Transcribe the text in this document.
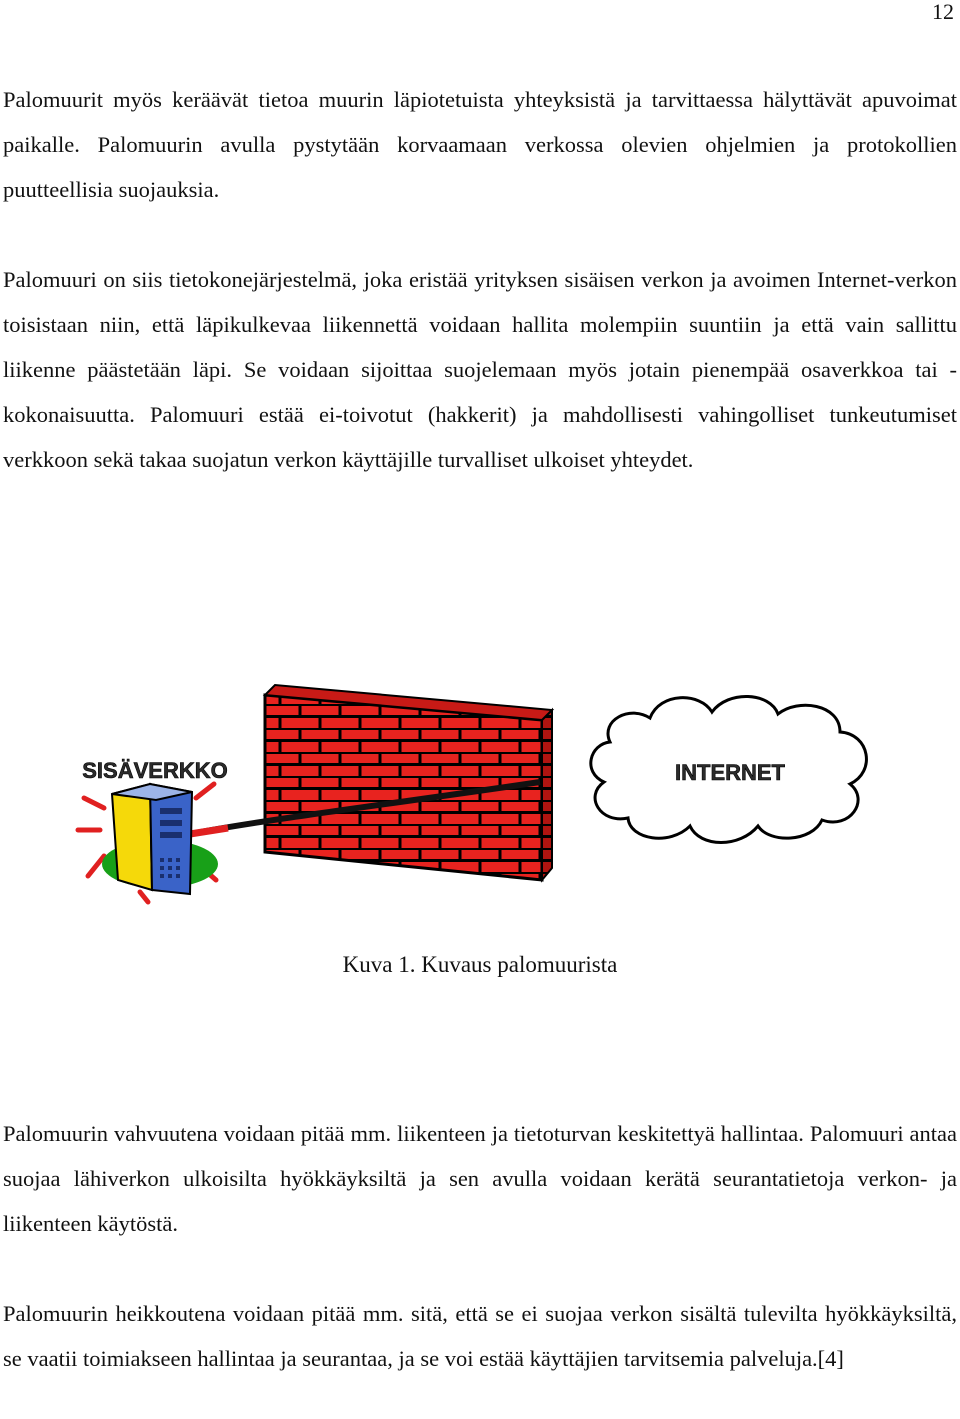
12

Palomuurit myös keräävät tietoa muurin läpiotetuista yhteyksistä ja tarvittaessa hälyttävät apuvoimat paikalle. Palomuurin avulla pystytään korvaamaan verkossa olevien ohjelmien ja protokollien puutteellisia suojauksia.

Palomuuri on siis tietokonejärjestelmä, joka eristää yrityksen sisäisen verkon ja avoimen Internet-verkon toisistaan niin, että läpikulkevaa liikennettä voidaan hallita molempiin suuntiin ja että vain sallittu liikenne päästetään läpi. Se voidaan sijoittaa suojelemaan myös jotain pienempää osaverkkoa tai -kokonaisuutta. Palomuuri estää ei-toivotut (hakkerit) ja mahdollisesti vahingolliset tunkeutumiset verkkoon sekä takaa suojatun verkon käyttäjille turvalliset ulkoiset yhteydet.

INTERNET
SISÄVERKKO
Kuva 1. Kuvaus palomuurista

Palomuurin vahvuutena voidaan pitää mm. liikenteen ja tietoturvan keskitettyä hallintaa. Palomuuri antaa suojaa lähiverkon ulkoisilta hyökkäyksiltä ja sen avulla voidaan kerätä seurantatietoja verkon- ja liikenteen käytöstä.

Palomuurin heikkoutena voidaan pitää mm. sitä, että se ei suojaa verkon sisältä tulevilta hyökkäyksiltä, se vaatii toimiakseen hallintaa ja seurantaa, ja se voi estää käyttäjien tarvitsemia palveluja.[4]
